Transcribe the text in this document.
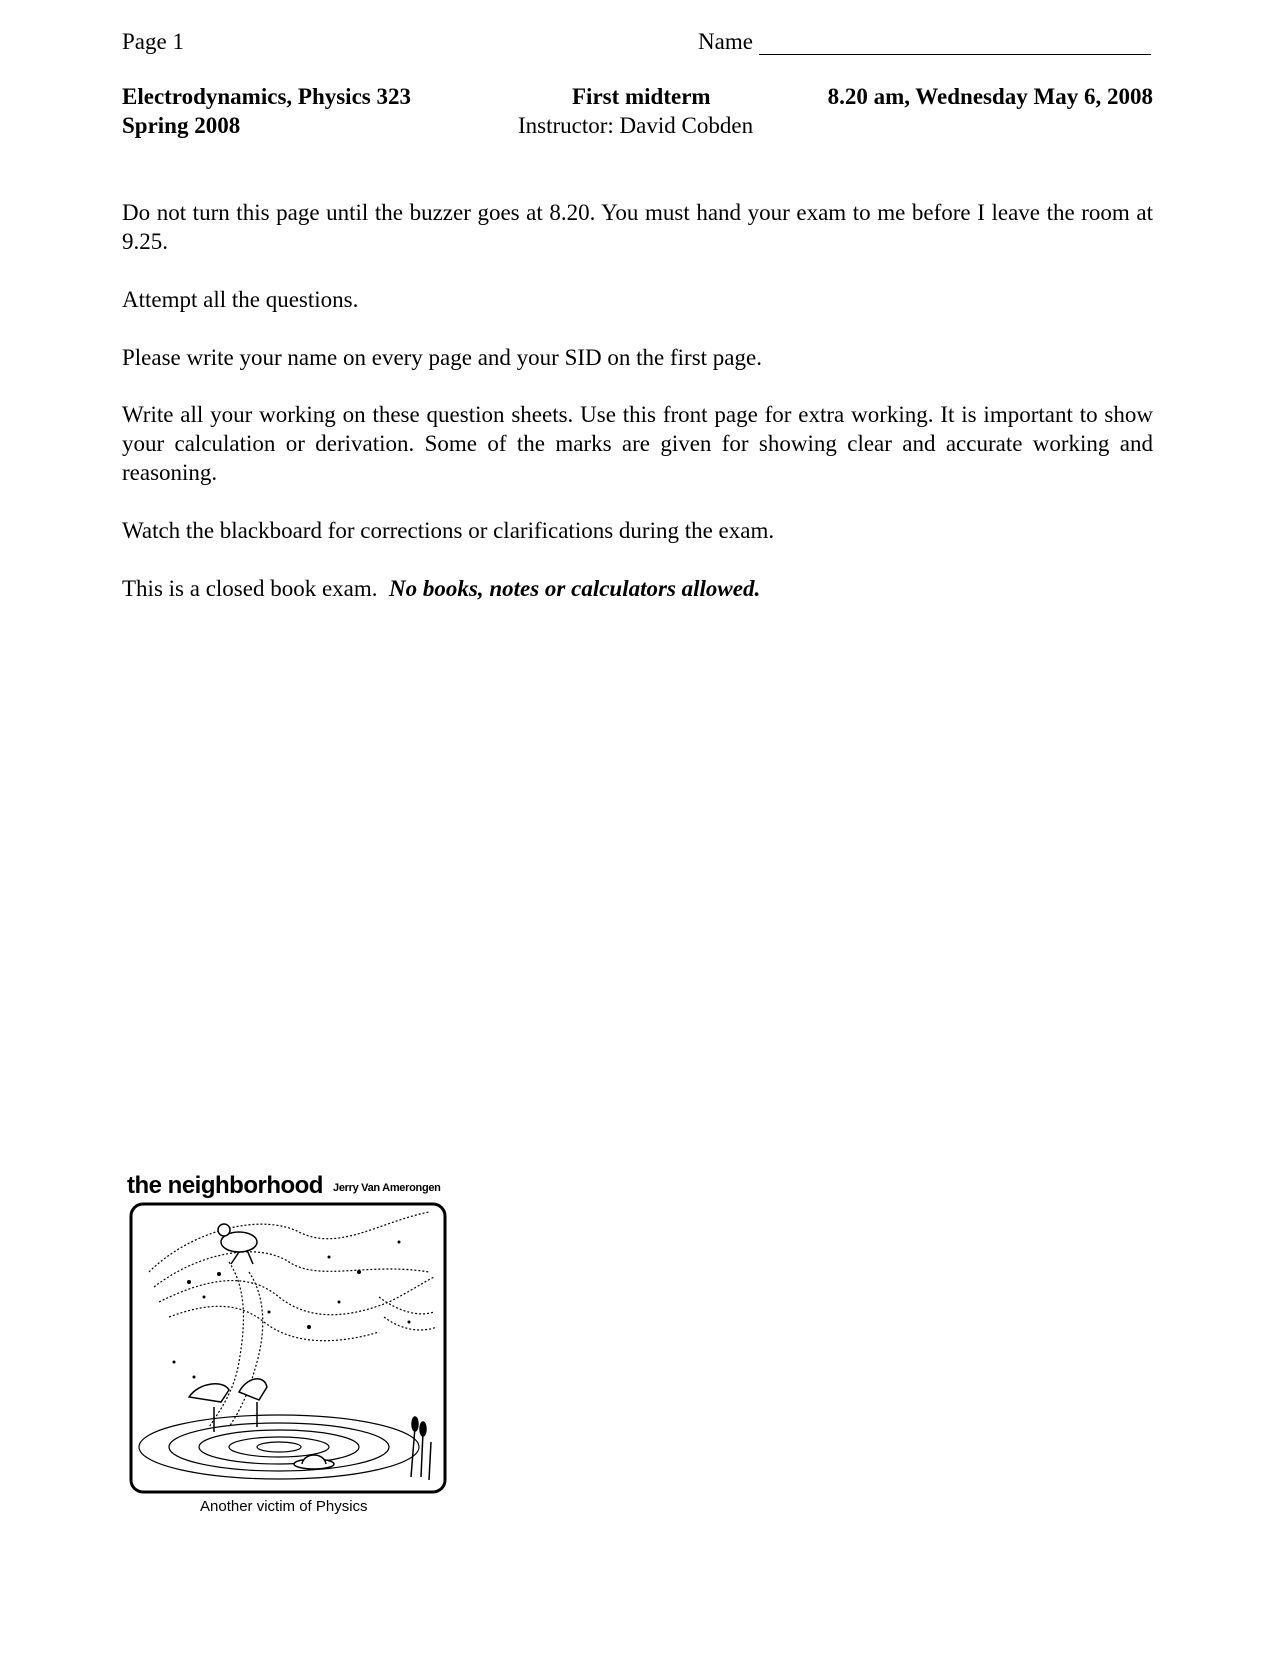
Page 1	Name
Electrodynamics, Physics 323
Spring 2008
First midterm
Instructor: David Cobden
8.20 am, Wednesday May 6, 2008
Do not turn this page until the buzzer goes at 8.20. You must hand your exam to me before I leave the room at 9.25.
Attempt all the questions.
Please write your name on every page and your SID on the first page.
Write all your working on these question sheets. Use this front page for extra working. It is important to show your calculation or derivation. Some of the marks are given for showing clear and accurate working and reasoning.
Watch the blackboard for corrections or clarifications during the exam.
This is a closed book exam.  No books, notes or calculators allowed.
the neighborhood Jerry Van Amerongen
Another victim of Physics
